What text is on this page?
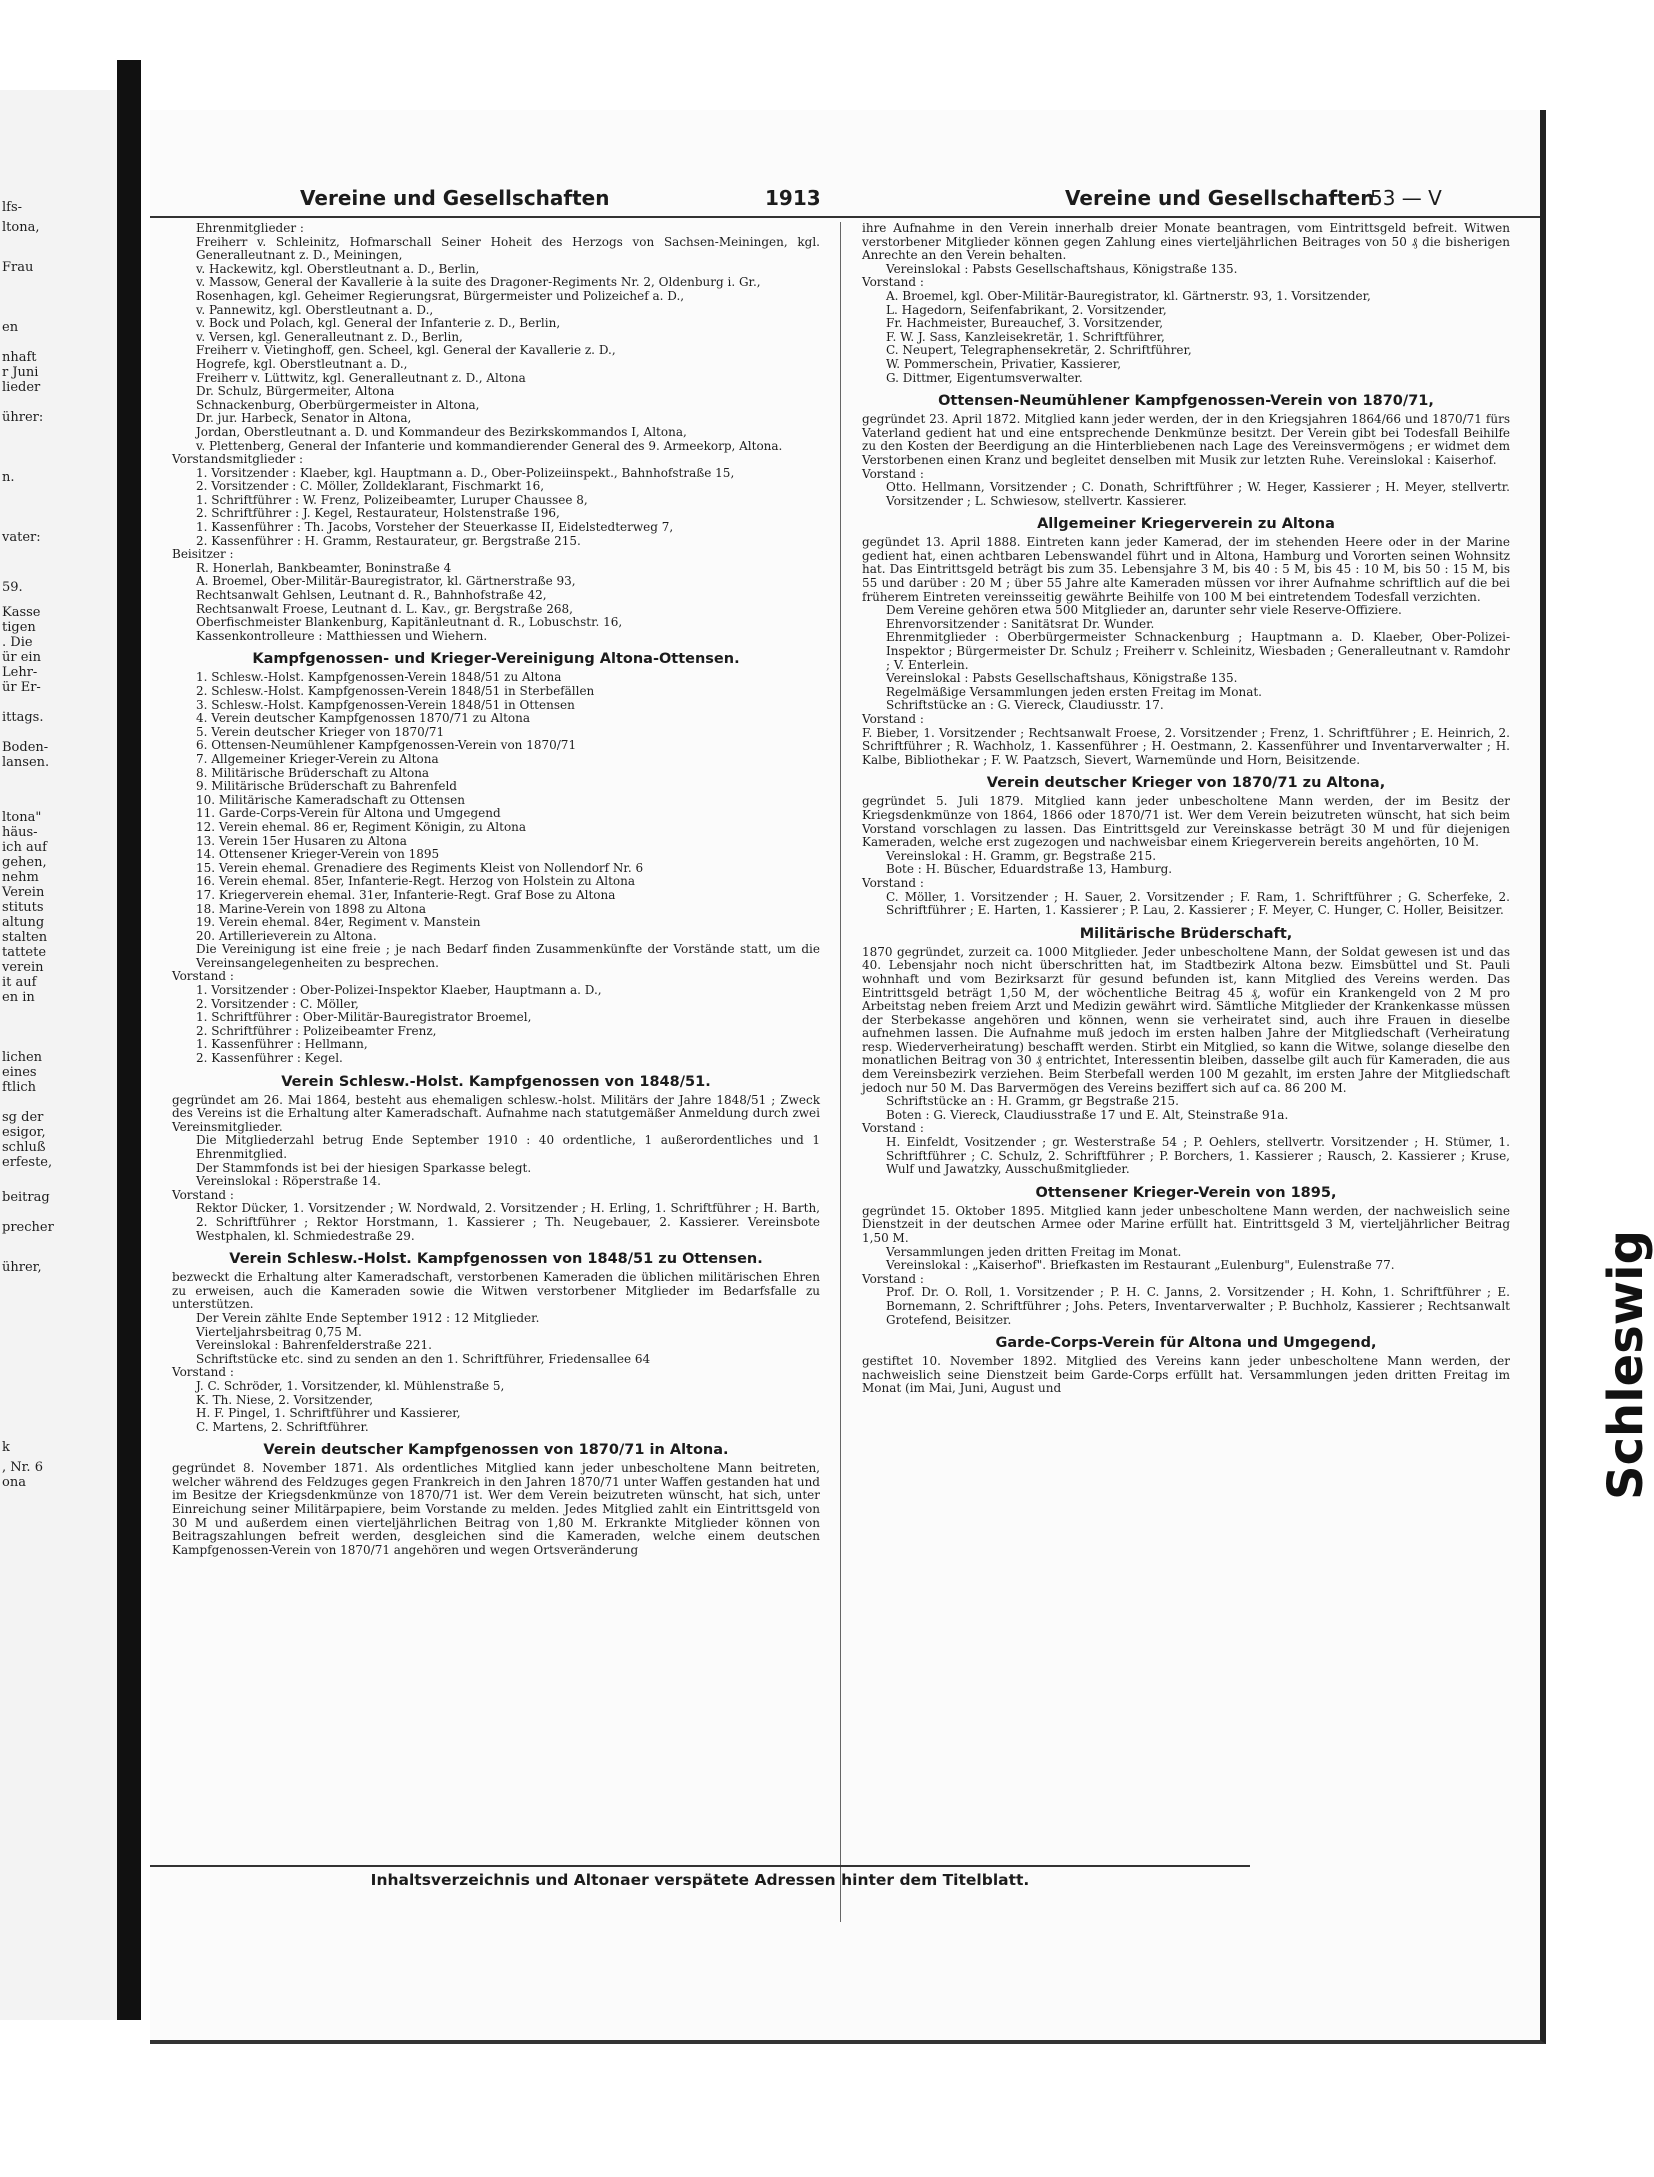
lfs-
ltona,
Frau
en
nhaft
r Juni
lieder
ührer:
n.
vater:
59.
Kasse
tigen
. Die
ür ein
Lehr-
ür Er-
ittags.
Boden-
lansen.
ltona"
häus-
ich auf
gehen,
nehm
Verein
stituts
altung
stalten
tattete
verein
it auf
en in
lichen
eines
ftlich
sg der
esigor,
schluß
erfeste,
beitrag
precher
ührer,
k
, Nr. 6
ona
Vereine und Gesellschaften	1913	Vereine und Gesellschaften
53 — V

Ehrenmitglieder :

Freiherr v. Schleinitz, Hofmarschall Seiner Hoheit des Herzogs von Sachsen-Meiningen, kgl. Generalleutnant z. D., Meiningen,

v. Hackewitz, kgl. Oberstleutnant a. D., Berlin,

v. Massow, General der Kavallerie à la suite des Dragoner-Regiments Nr. 2, Oldenburg i. Gr.,

Rosenhagen, kgl. Geheimer Regierungsrat, Bürgermeister und Polizeichef a. D.,

v. Pannewitz, kgl. Oberstleutnant a. D.,

v. Bock und Polach, kgl. General der Infanterie z. D., Berlin,

v. Versen, kgl. Generalleutnant z. D., Berlin,

Freiherr v. Vietinghoff, gen. Scheel, kgl. General der Kavallerie z. D.,

Hogrefe, kgl. Oberstleutnant a. D.,

Freiherr v. Lüttwitz, kgl. Generalleutnant z. D., Altona

Dr. Schulz, Bürgermeiter, Altona

Schnackenburg, Oberbürgermeister in Altona,

Dr. jur. Harbeck, Senator in Altona,

Jordan, Oberstleutnant a. D. und Kommandeur des Bezirkskommandos I, Altona,

v. Plettenberg, General der Infanterie und kommandierender General des 9. Armeekorp, Altona.

Vorstandsmitglieder :

1. Vorsitzender : Klaeber, kgl. Hauptmann a. D., Ober-Polizeiinspekt., Bahnhofstraße 15,

2. Vorsitzender : C. Möller, Zolldeklarant, Fischmarkt 16,

1. Schriftführer : W. Frenz, Polizeibeamter, Luruper Chaussee 8,

2. Schriftführer : J. Kegel, Restaurateur, Holstenstraße 196,

1. Kassenführer : Th. Jacobs, Vorsteher der Steuerkasse II, Eidelstedterweg 7,

2. Kassenführer : H. Gramm, Restaurateur, gr. Bergstraße 215.

Beisitzer :

R. Honerlah, Bankbeamter, Boninstraße 4

A. Broemel, Ober-Militär-Bauregistrator, kl. Gärtnerstraße 93,

Rechtsanwalt Gehlsen, Leutnant d. R., Bahnhofstraße 42,

Rechtsanwalt Froese, Leutnant d. L. Kav., gr. Bergstraße 268,

Oberfischmeister Blankenburg, Kapitänleutnant d. R., Lobuschstr. 16,

Kassenkontrolleure : Matthiessen und Wiehern.

Kampfgenossen- und Krieger-Vereinigung Altona-Ottensen.

1. Schlesw.-Holst. Kampfgenossen-Verein 1848/51 zu Altona

2. Schlesw.-Holst. Kampfgenossen-Verein 1848/51 in Sterbefällen

3. Schlesw.-Holst. Kampfgenossen-Verein 1848/51 in Ottensen

4. Verein deutscher Kampfgenossen 1870/71 zu Altona

5. Verein deutscher Krieger von 1870/71

6. Ottensen-Neumühlener Kampfgenossen-Verein von 1870/71

7. Allgemeiner Krieger-Verein zu Altona

8. Militärische Brüderschaft zu Altona

9. Militärische Brüderschaft zu Bahrenfeld

10. Militärische Kameradschaft zu Ottensen

11. Garde-Corps-Verein für Altona und Umgegend

12. Verein ehemal. 86 er, Regiment Königin, zu Altona

13. Verein 15er Husaren zu Altona

14. Ottensener Krieger-Verein von 1895

15. Verein ehemal. Grenadiere des Regiments Kleist von Nollendorf Nr. 6

16. Verein ehemal. 85er, Infanterie-Regt. Herzog von Holstein zu Altona

17. Kriegerverein ehemal. 31er, Infanterie-Regt. Graf Bose zu Altona

18. Marine-Verein von 1898 zu Altona

19. Verein ehemal. 84er, Regiment v. Manstein

20. Artillerieverein zu Altona.

Die Vereinigung ist eine freie ; je nach Bedarf finden Zusammenkünfte der Vorstände statt, um die Vereinsangelegenheiten zu besprechen.

Vorstand :

1. Vorsitzender : Ober-Polizei-Inspektor Klaeber, Hauptmann a. D.,

2. Vorsitzender : C. Möller,

1. Schriftführer : Ober-Militär-Bauregistrator Broemel,

2. Schriftführer : Polizeibeamter Frenz,

1. Kassenführer : Hellmann,

2. Kassenführer : Kegel.

Verein Schlesw.-Holst. Kampfgenossen von 1848/51.

gegründet am 26. Mai 1864, besteht aus ehemaligen schlesw.-holst. Militärs der Jahre 1848/51 ; Zweck des Vereins ist die Erhaltung alter Kameradschaft. Aufnahme nach statutgemäßer Anmeldung durch zwei Vereinsmitglieder.

Die Mitgliederzahl betrug Ende September 1910 : 40 ordentliche, 1 außerordentliches und 1 Ehrenmitglied.

Der Stammfonds ist bei der hiesigen Sparkasse belegt.

Vereinslokal : Röperstraße 14.

Vorstand :

Rektor Dücker, 1. Vorsitzender ; W. Nordwald, 2. Vorsitzender ; H. Erling, 1. Schriftführer ; H. Barth, 2. Schriftführer ; Rektor Horstmann, 1. Kassierer ; Th. Neugebauer, 2. Kassierer. Vereinsbote Westphalen, kl. Schmiedestraße 29.

Verein Schlesw.-Holst. Kampfgenossen von 1848/51 zu Ottensen.

bezweckt die Erhaltung alter Kameradschaft, verstorbenen Kameraden die üblichen militärischen Ehren zu erweisen, auch die Kameraden sowie die Witwen verstorbener Mitglieder im Bedarfsfalle zu unterstützen.

Der Verein zählte Ende September 1912 : 12 Mitglieder.

Vierteljahrsbeitrag 0,75 M.

Vereinslokal : Bahrenfelderstraße 221.

Schriftstücke etc. sind zu senden an den 1. Schriftführer, Friedensallee 64

Vorstand :

J. C. Schröder, 1. Vorsitzender, kl. Mühlenstraße 5,

K. Th. Niese, 2. Vorsitzender,

H. F. Pingel, 1. Schriftführer und Kassierer,

C. Martens, 2. Schriftführer.

Verein deutscher Kampfgenossen von 1870/71 in Altona.

gegründet 8. November 1871. Als ordentliches Mitglied kann jeder unbescholtene Mann beitreten, welcher während des Feldzuges gegen Frankreich in den Jahren 1870/71 unter Waffen gestanden hat und im Besitze der Kriegsdenkmünze von 1870/71 ist. Wer dem Verein beizutreten wünscht, hat sich, unter Einreichung seiner Militärpapiere, beim Vorstande zu melden. Jedes Mitglied zahlt ein Eintrittsgeld von 30 M und außerdem einen vierteljährlichen Beitrag von 1,80 M. Erkrankte Mitglieder können von Beitragszahlungen befreit werden, desgleichen sind die Kameraden, welche einem deutschen Kampfgenossen-Verein von 1870/71 angehören und wegen Ortsveränderung

ihre Aufnahme in den Verein innerhalb dreier Monate beantragen, vom Eintrittsgeld befreit. Witwen verstorbener Mitglieder können gegen Zahlung eines vierteljährlichen Beitrages von 50 ₰ die bisherigen Anrechte an den Verein behalten.

Vereinslokal : Pabsts Gesellschaftshaus, Königstraße 135.

Vorstand :

A. Broemel, kgl. Ober-Militär-Bauregistrator, kl. Gärtnerstr. 93, 1. Vorsitzender,

L. Hagedorn, Seifenfabrikant, 2. Vorsitzender,

Fr. Hachmeister, Bureauchef, 3. Vorsitzender,

F. W. J. Sass, Kanzleisekretär, 1. Schriftführer,

C. Neupert, Telegraphensekretär, 2. Schriftführer,

W. Pommerschein, Privatier, Kassierer,

G. Dittmer, Eigentumsverwalter.

Ottensen-Neumühlener Kampfgenossen-Verein von 1870/71,

gegründet 23. April 1872. Mitglied kann jeder werden, der in den Kriegsjahren 1864/66 und 1870/71 fürs Vaterland gedient hat und eine entsprechende Denkmünze besitzt. Der Verein gibt bei Todesfall Beihilfe zu den Kosten der Beerdigung an die Hinterbliebenen nach Lage des Vereinsvermögens ; er widmet dem Verstorbenen einen Kranz und begleitet denselben mit Musik zur letzten Ruhe. Vereinslokal : Kaiserhof.

Vorstand :

Otto. Hellmann, Vorsitzender ; C. Donath, Schriftführer ; W. Heger, Kassierer ; H. Meyer, stellvertr. Vorsitzender ; L. Schwiesow, stellvertr. Kassierer.

Allgemeiner Kriegerverein zu Altona

gegündet 13. April 1888. Eintreten kann jeder Kamerad, der im stehenden Heere oder in der Marine gedient hat, einen achtbaren Lebenswandel führt und in Altona, Hamburg und Vororten seinen Wohnsitz hat. Das Eintrittsgeld beträgt bis zum 35. Lebensjahre 3 M, bis 40 : 5 M, bis 45 : 10 M, bis 50 : 15 M, bis 55 und darüber : 20 M ; über 55 Jahre alte Kameraden müssen vor ihrer Aufnahme schriftlich auf die bei früherem Eintreten vereinsseitig gewährte Beihilfe von 100 M bei eintretendem Todesfall verzichten.

Dem Vereine gehören etwa 500 Mitglieder an, darunter sehr viele Reserve-Offiziere.

Ehrenvorsitzender : Sanitätsrat Dr. Wunder.

Ehrenmitglieder : Oberbürgermeister Schnackenburg ; Hauptmann a. D. Klaeber, Ober-Polizei-Inspektor ; Bürgermeister Dr. Schulz ; Freiherr v. Schleinitz, Wiesbaden ; Generalleutnant v. Ramdohr ; V. Enterlein.

Vereinslokal : Pabsts Gesellschaftshaus, Königstraße 135.

Regelmäßige Versammlungen jeden ersten Freitag im Monat.

Schriftstücke an : G. Viereck, Claudiusstr. 17.

Vorstand :

F. Bieber, 1. Vorsitzender ; Rechtsanwalt Froese, 2. Vorsitzender ; Frenz, 1. Schriftführer ; E. Heinrich, 2. Schriftführer ; R. Wachholz, 1. Kassenführer ; H. Oestmann, 2. Kassenführer und Inventarverwalter ; H. Kalbe, Bibliothekar ; F. W. Paatzsch, Sievert, Warnemünde und Horn, Beisitzende.

Verein deutscher Krieger von 1870/71 zu Altona,

gegründet 5. Juli 1879. Mitglied kann jeder unbescholtene Mann werden, der im Besitz der Kriegsdenkmünze von 1864, 1866 oder 1870/71 ist. Wer dem Verein beizutreten wünscht, hat sich beim Vorstand vorschlagen zu lassen. Das Eintrittsgeld zur Vereinskasse beträgt 30 M und für diejenigen Kameraden, welche erst zugezogen und nachweisbar einem Kriegerverein bereits angehörten, 10 M.

Vereinslokal : H. Gramm, gr. Begstraße 215.

Bote : H. Büscher, Eduardstraße 13, Hamburg.

Vorstand :

C. Möller, 1. Vorsitzender ; H. Sauer, 2. Vorsitzender ; F. Ram, 1. Schriftführer ; G. Scherfeke, 2. Schriftführer ; E. Harten, 1. Kassierer ; P. Lau, 2. Kassierer ; F. Meyer, C. Hunger, C. Holler, Beisitzer.

Militärische Brüderschaft,

1870 gegründet, zurzeit ca. 1000 Mitglieder. Jeder unbescholtene Mann, der Soldat gewesen ist und das 40. Lebensjahr noch nicht überschritten hat, im Stadtbezirk Altona bezw. Eimsbüttel und St. Pauli wohnhaft und vom Bezirksarzt für gesund befunden ist, kann Mitglied des Vereins werden. Das Eintrittsgeld beträgt 1,50 M, der wöchentliche Beitrag 45 ₰, wofür ein Krankengeld von 2 M pro Arbeitstag neben freiem Arzt und Medizin gewährt wird. Sämtliche Mitglieder der Krankenkasse müssen der Sterbekasse angehören und können, wenn sie verheiratet sind, auch ihre Frauen in dieselbe aufnehmen lassen. Die Aufnahme muß jedoch im ersten halben Jahre der Mitgliedschaft (Verheiratung resp. Wiederverheiratung) beschafft werden. Stirbt ein Mitglied, so kann die Witwe, solange dieselbe den monatlichen Beitrag von 30 ₰ entrichtet, Interessentin bleiben, dasselbe gilt auch für Kameraden, die aus dem Vereinsbezirk verziehen. Beim Sterbefall werden 100 M gezahlt, im ersten Jahre der Mitgliedschaft jedoch nur 50 M. Das Barvermögen des Vereins beziffert sich auf ca. 86 200 M.

Schriftstücke an : H. Gramm, gr Begstraße 215.

Boten : G. Viereck, Claudiusstraße 17 und E. Alt, Steinstraße 91a.

Vorstand :

H. Einfeldt, Vositzender ; gr. Westerstraße 54 ; P. Oehlers, stellvertr. Vorsitzender ; H. Stümer, 1. Schriftführer ; C. Schulz, 2. Schriftführer ; P. Borchers, 1. Kassierer ; Rausch, 2. Kassierer ; Kruse, Wulf und Jawatzky, Ausschußmitglieder.

Ottensener Krieger-Verein von 1895,

gegründet 15. Oktober 1895. Mitglied kann jeder unbescholtene Mann werden, der nachweislich seine Dienstzeit in der deutschen Armee oder Marine erfüllt hat. Eintrittsgeld 3 M, vierteljährlicher Beitrag 1,50 M.

Versammlungen jeden dritten Freitag im Monat.

Vereinslokal : „Kaiserhof". Briefkasten im Restaurant „Eulenburg", Eulenstraße 77.

Vorstand :

Prof. Dr. O. Roll, 1. Vorsitzender ; P. H. C. Janns, 2. Vorsitzender ; H. Kohn, 1. Schriftführer ; E. Bornemann, 2. Schriftführer ; Johs. Peters, Inventarverwalter ; P. Buchholz, Kassierer ; Rechtsanwalt Grotefend, Beisitzer.

Garde-Corps-Verein für Altona und Umgegend,

gestiftet 10. November 1892. Mitglied des Vereins kann jeder unbescholtene Mann werden, der nachweislich seine Dienstzeit beim Garde-Corps erfüllt hat. Versammlungen jeden dritten Freitag im Monat (im Mai, Juni, August und

Inhaltsverzeichnis und Altonaer verspätete Adressen hinter dem Titelblatt.
Schleswig
